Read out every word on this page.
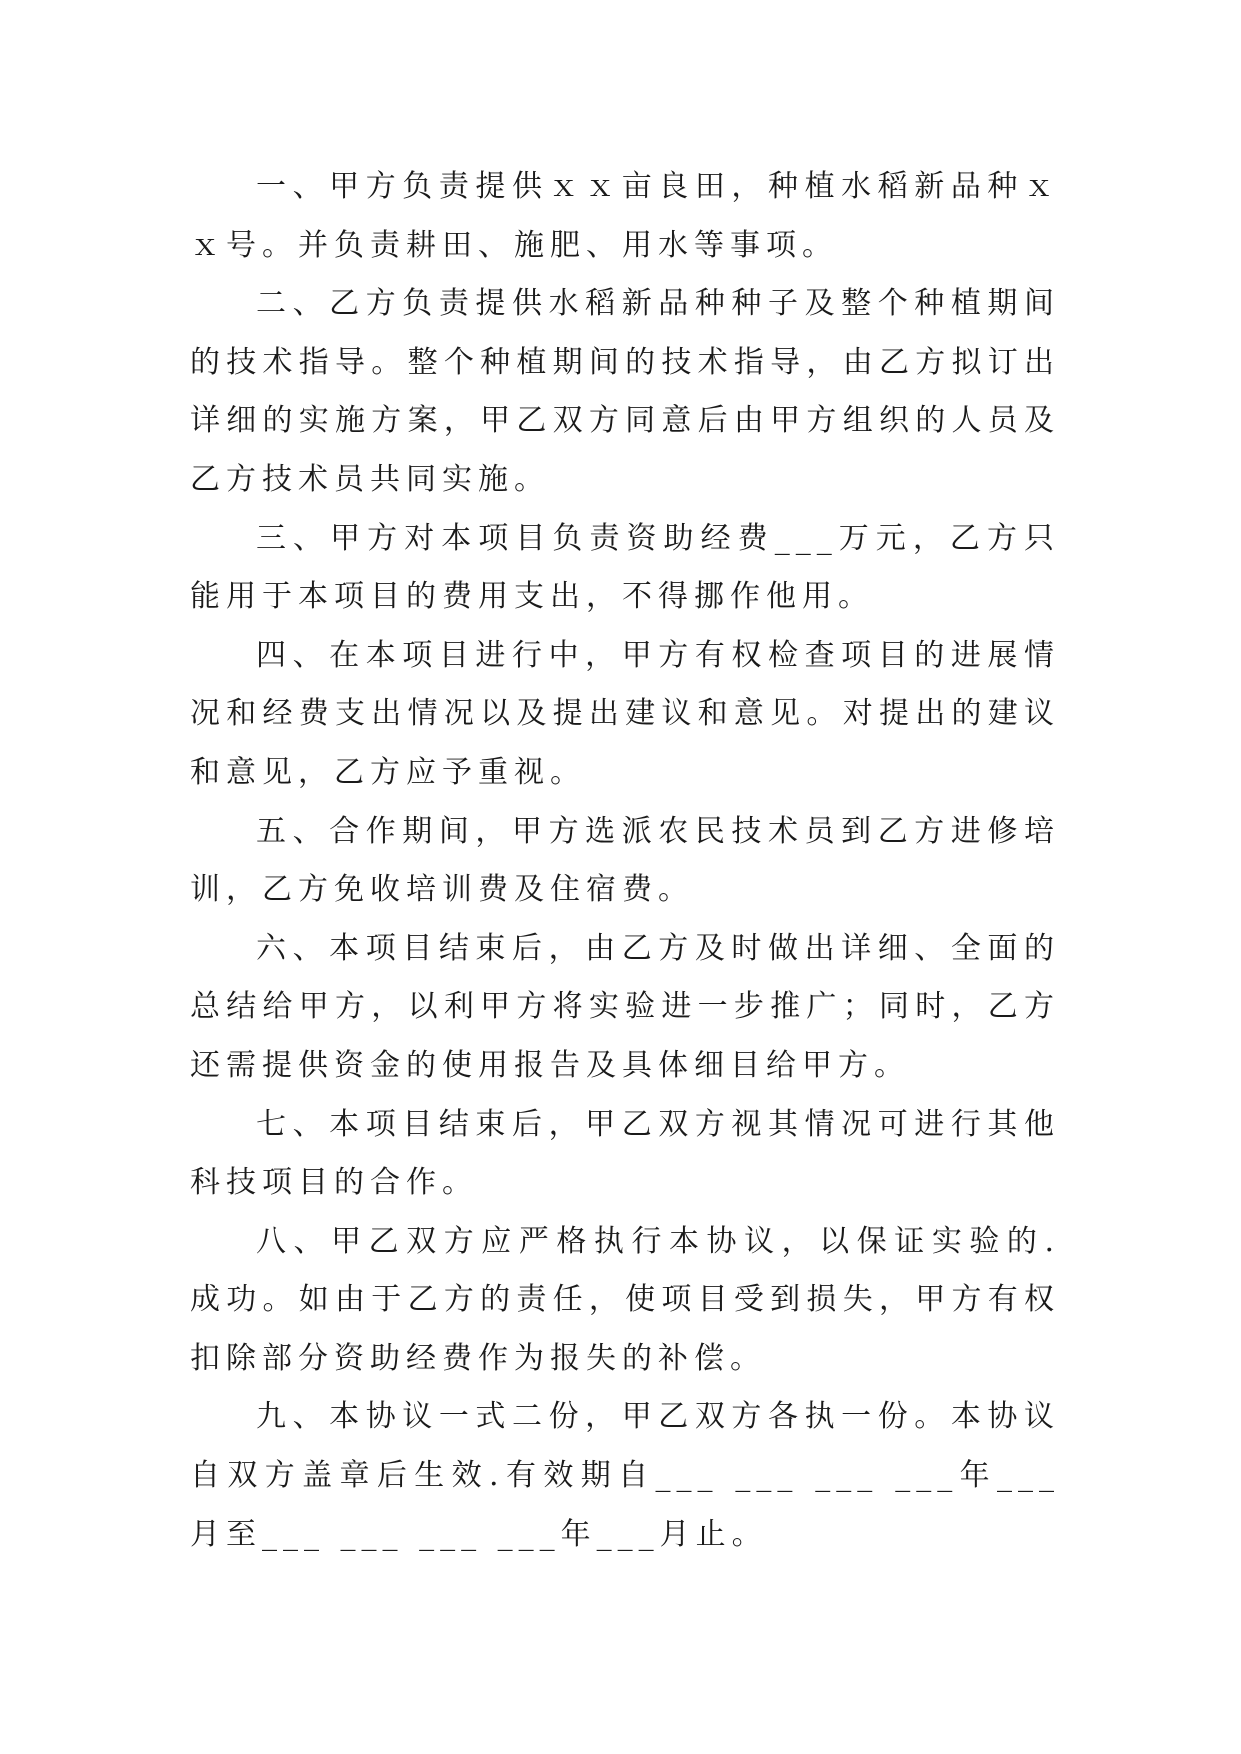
一、甲方负责提供ｘｘ亩良田，种植水稻新品种ｘｘ号。并负责耕田、施肥、用水等事项。

二、乙方负责提供水稻新品种种子及整个种植期间的技术指导。整个种植期间的技术指导，由乙方拟订出详细的实施方案，甲乙双方同意后由甲方组织的人员及乙方技术员共同实施。

三、甲方对本项目负责资助经费___万元，乙方只能用于本项目的费用支出，不得挪作他用。

四、在本项目进行中，甲方有权检查项目的进展情况和经费支出情况以及提出建议和意见。对提出的建议和意见，乙方应予重视。

五、合作期间，甲方选派农民技术员到乙方进修培训，乙方免收培训费及住宿费。

六、本项目结束后，由乙方及时做出详细、全面的总结给甲方，以利甲方将实验进一步推广；同时，乙方还需提供资金的使用报告及具体细目给甲方。

七、本项目结束后，甲乙双方视其情况可进行其他科技项目的合作。

八、甲乙双方应严格执行本协议，以保证实验的.成功。如由于乙方的责任，使项目受到损失，甲方有权扣除部分资助经费作为报失的补偿。

九、本协议一式二份，甲乙双方各执一份。本协议自双方盖章后生效.有效期自___ ___ ___ ___年___月至___ ___ ___ ___年___月止。
